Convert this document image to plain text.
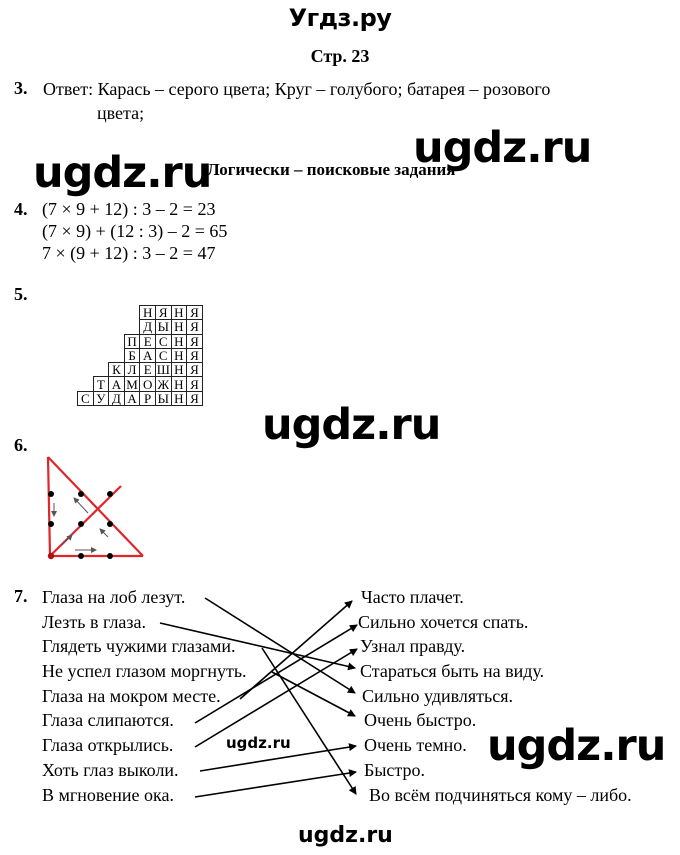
Угдз.ру
Стр. 23
3. Ответ: Карась – серого цвета; Круг – голубого; батарея – розового
цвета;
ugdz.ru
ugdz.ru
ugdz.ru
ugdz.ru
ugdz.ru
ugdz.ru
Логически – поисковые задания
4. (7 × 9 + 12) : 3 – 2 = 23
(7 × 9) + (12 : 3) – 2 = 65
7 × (9 + 12) : 3 – 2 = 47
5.
				Н	Я	Н	Я
				Д	Ы	Н	Я
			П	Е	С	Н	Я
			Б	А	С	Н	Я
		К	Л	Е	Ш	Н	Я
	Т	А	М	О	Ж	Н	Я
С	У	Д	А	Р	Ы	Н	Я
6.
7. Глаза на лоб лезут.
Лезть в глаза.
Глядеть чужими глазами.
Не успел глазом моргнуть.
Глаза на мокром месте.
Глаза слипаются.
Глаза открылись.
Хоть глаз выколи.
В мгновение ока.
Часто плачет.
Сильно хочется спать.
Узнал правду.
Стараться быть на виду.
Сильно удивляться.
Очень быстро.
Очень темно.
Быстро.
Во всём подчиняться кому – либо.
